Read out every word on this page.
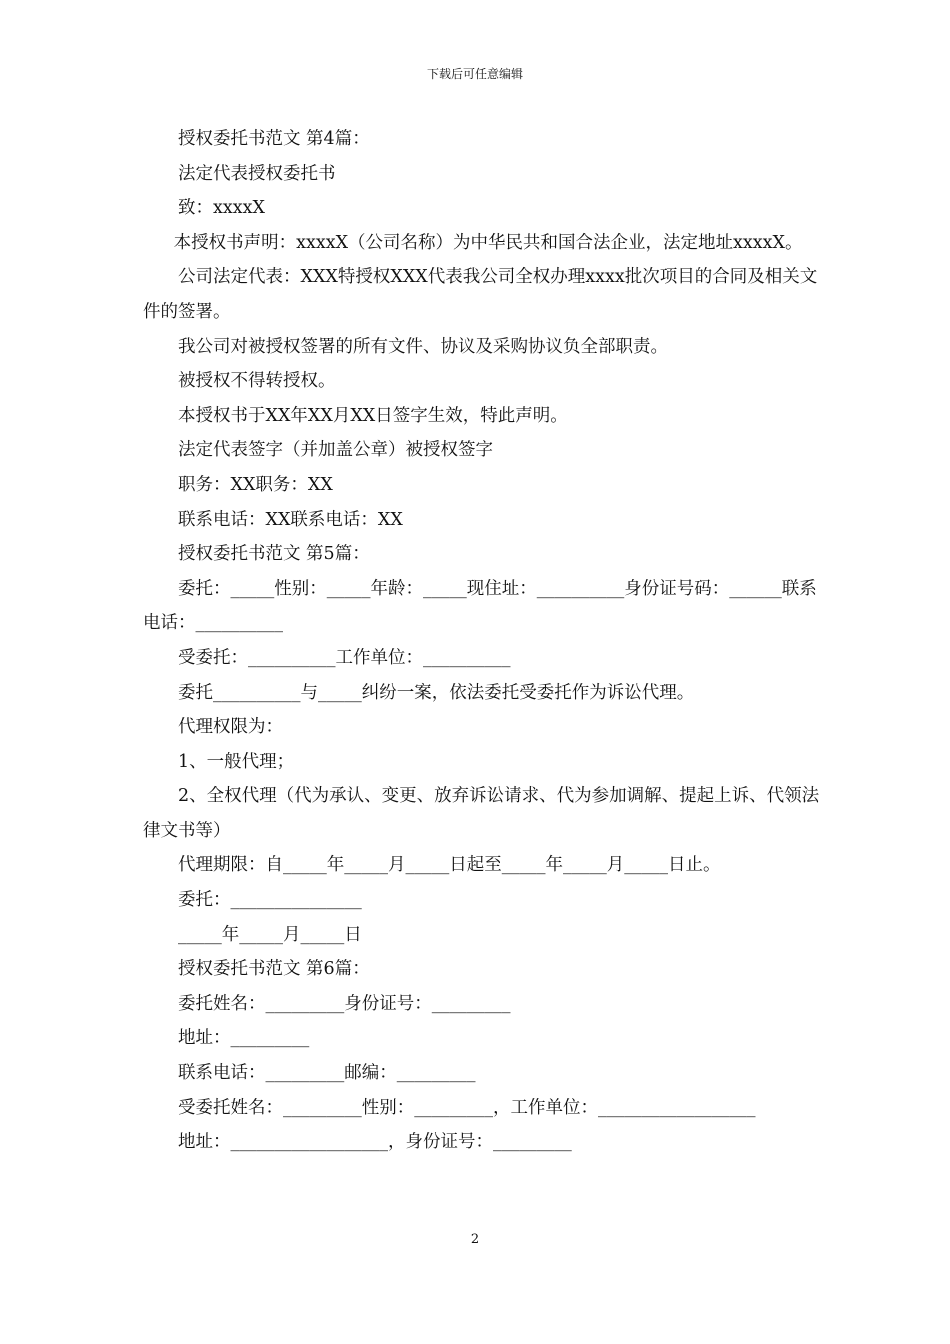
下载后可任意编辑

授权委托书范文 第4篇：

法定代表授权委托书

致：xxxxX

本授权书声明：xxxxX（公司名称）为中华民共和国合法企业，法定地址xxxxX。

公司法定代表：XXX特授权XXX代表我公司全权办理xxxx批次项目的合同及相关文件的签署。

我公司对被授权签署的所有文件、协议及采购协议负全部职责。

被授权不得转授权。

本授权书于XX年XX月XX日签字生效，特此声明。

法定代表签字（并加盖公章）被授权签字

职务：XX职务：XX

联系电话：XX联系电话：XX

授权委托书范文 第5篇：

委托：_____性别：_____年龄：_____现住址：__________身份证号码：______联系电话：__________

受委托：__________工作单位：__________

委托__________与_____纠纷一案，依法委托受委托作为诉讼代理。

代理权限为：

1、一般代理；

2、全权代理（代为承认、变更、放弃诉讼请求、代为参加调解、提起上诉、代领法律文书等）

代理期限：自_____年_____月_____日起至_____年_____月_____日止。

委托：_______________

_____年_____月_____日

授权委托书范文 第6篇：

委托姓名：_________身份证号：_________

地址：_________

联系电话：_________邮编：_________

受委托姓名：_________性别：_________，工作单位：__________________

地址：__________________，身份证号：_________

2
